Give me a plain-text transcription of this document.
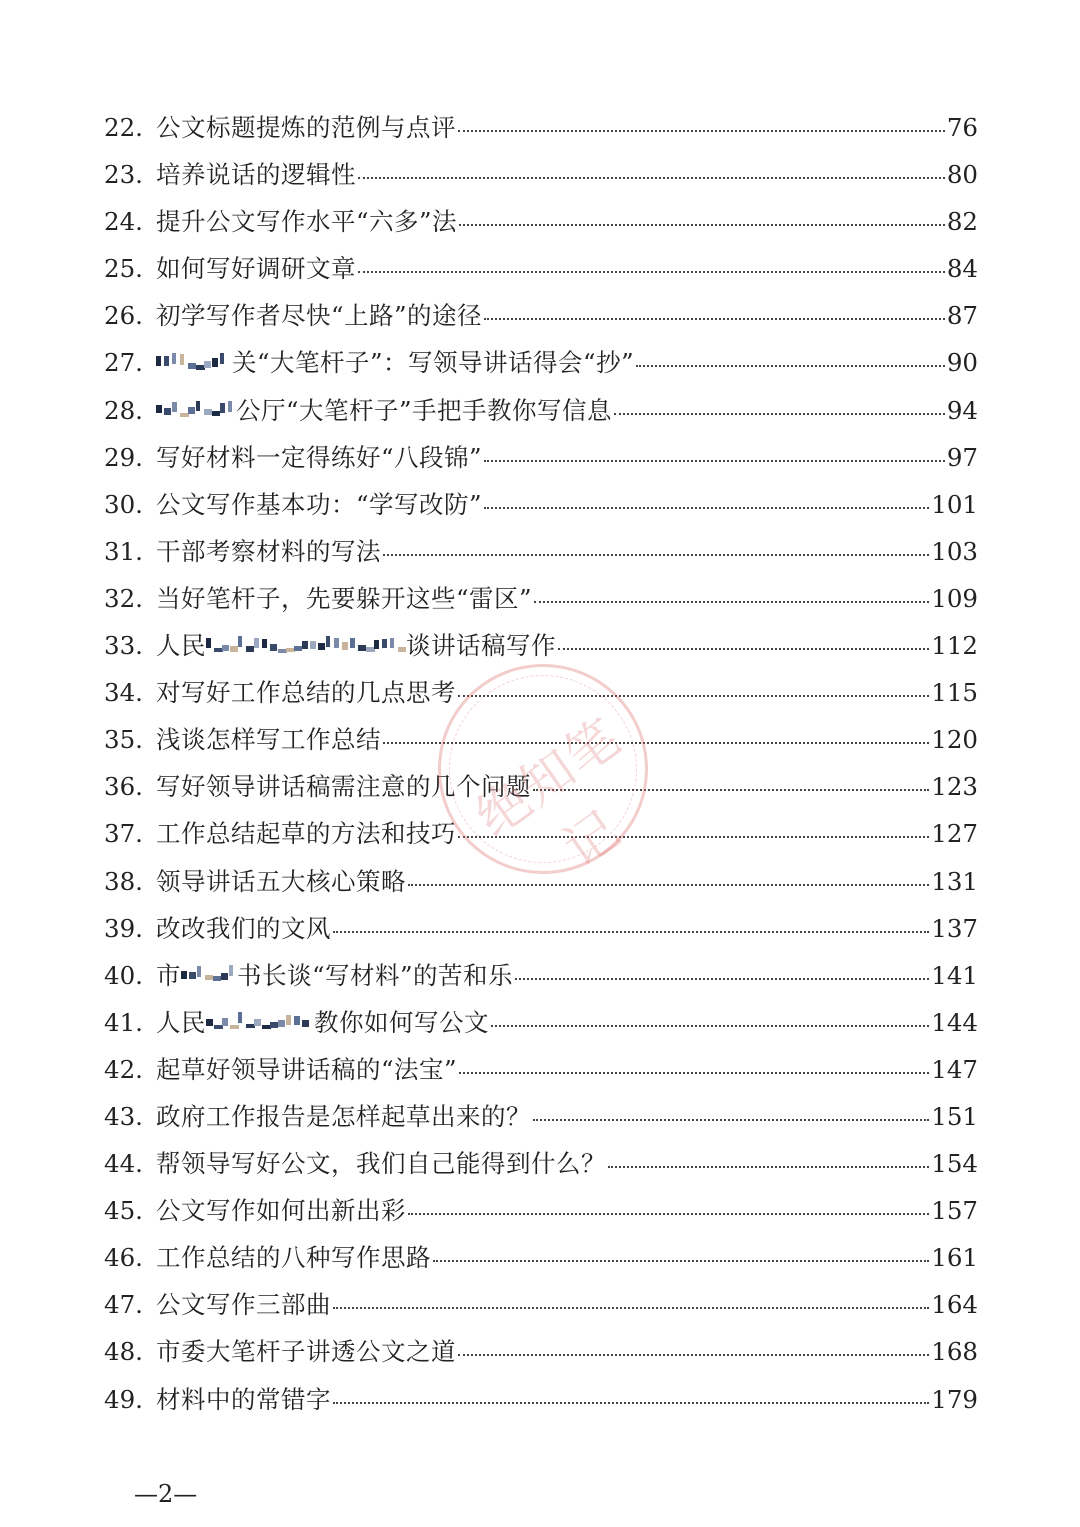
22. 公文标题提炼的范例与点评	76
23. 培养说话的逻辑性	80
24. 提升公文写作水平“六多”法	82
25. 如何写好调研文章	84
26. 初学写作者尽快“上路”的途径	87
27.	关“大笔杆子”：写领导讲话得会“抄”	90
28.	公厅“大笔杆子”手把手教你写信息	94
29. 写好材料一定得练好“八段锦”	97
30. 公文写作基本功：“学写改防”	101
31. 干部考察材料的写法	103
32. 当好笔杆子，先要躲开这些“雷区”	109
33. 人民	谈讲话稿写作	112
34. 对写好工作总结的几点思考	115
35. 浅谈怎样写工作总结	120
36. 写好领导讲话稿需注意的几个问题	123
37. 工作总结起草的方法和技巧	127
38. 领导讲话五大核心策略	131
39. 改改我们的文风	137
40. 市 书长谈“写材料”的苦和乐	141
41. 人民	教你如何写公文	144
42. 起草好领导讲话稿的“法宝”	147
43. 政府工作报告是怎样起草出来的？	151
44. 帮领导写好公文，我们自己能得到什么？	154
45. 公文写作如何出新出彩	157
46. 工作总结的八种写作思路	161
47. 公文写作三部曲	164
48. 市委大笔杆子讲透公文之道	168
49. 材料中的常错字	179
绝知笔记
—2—
